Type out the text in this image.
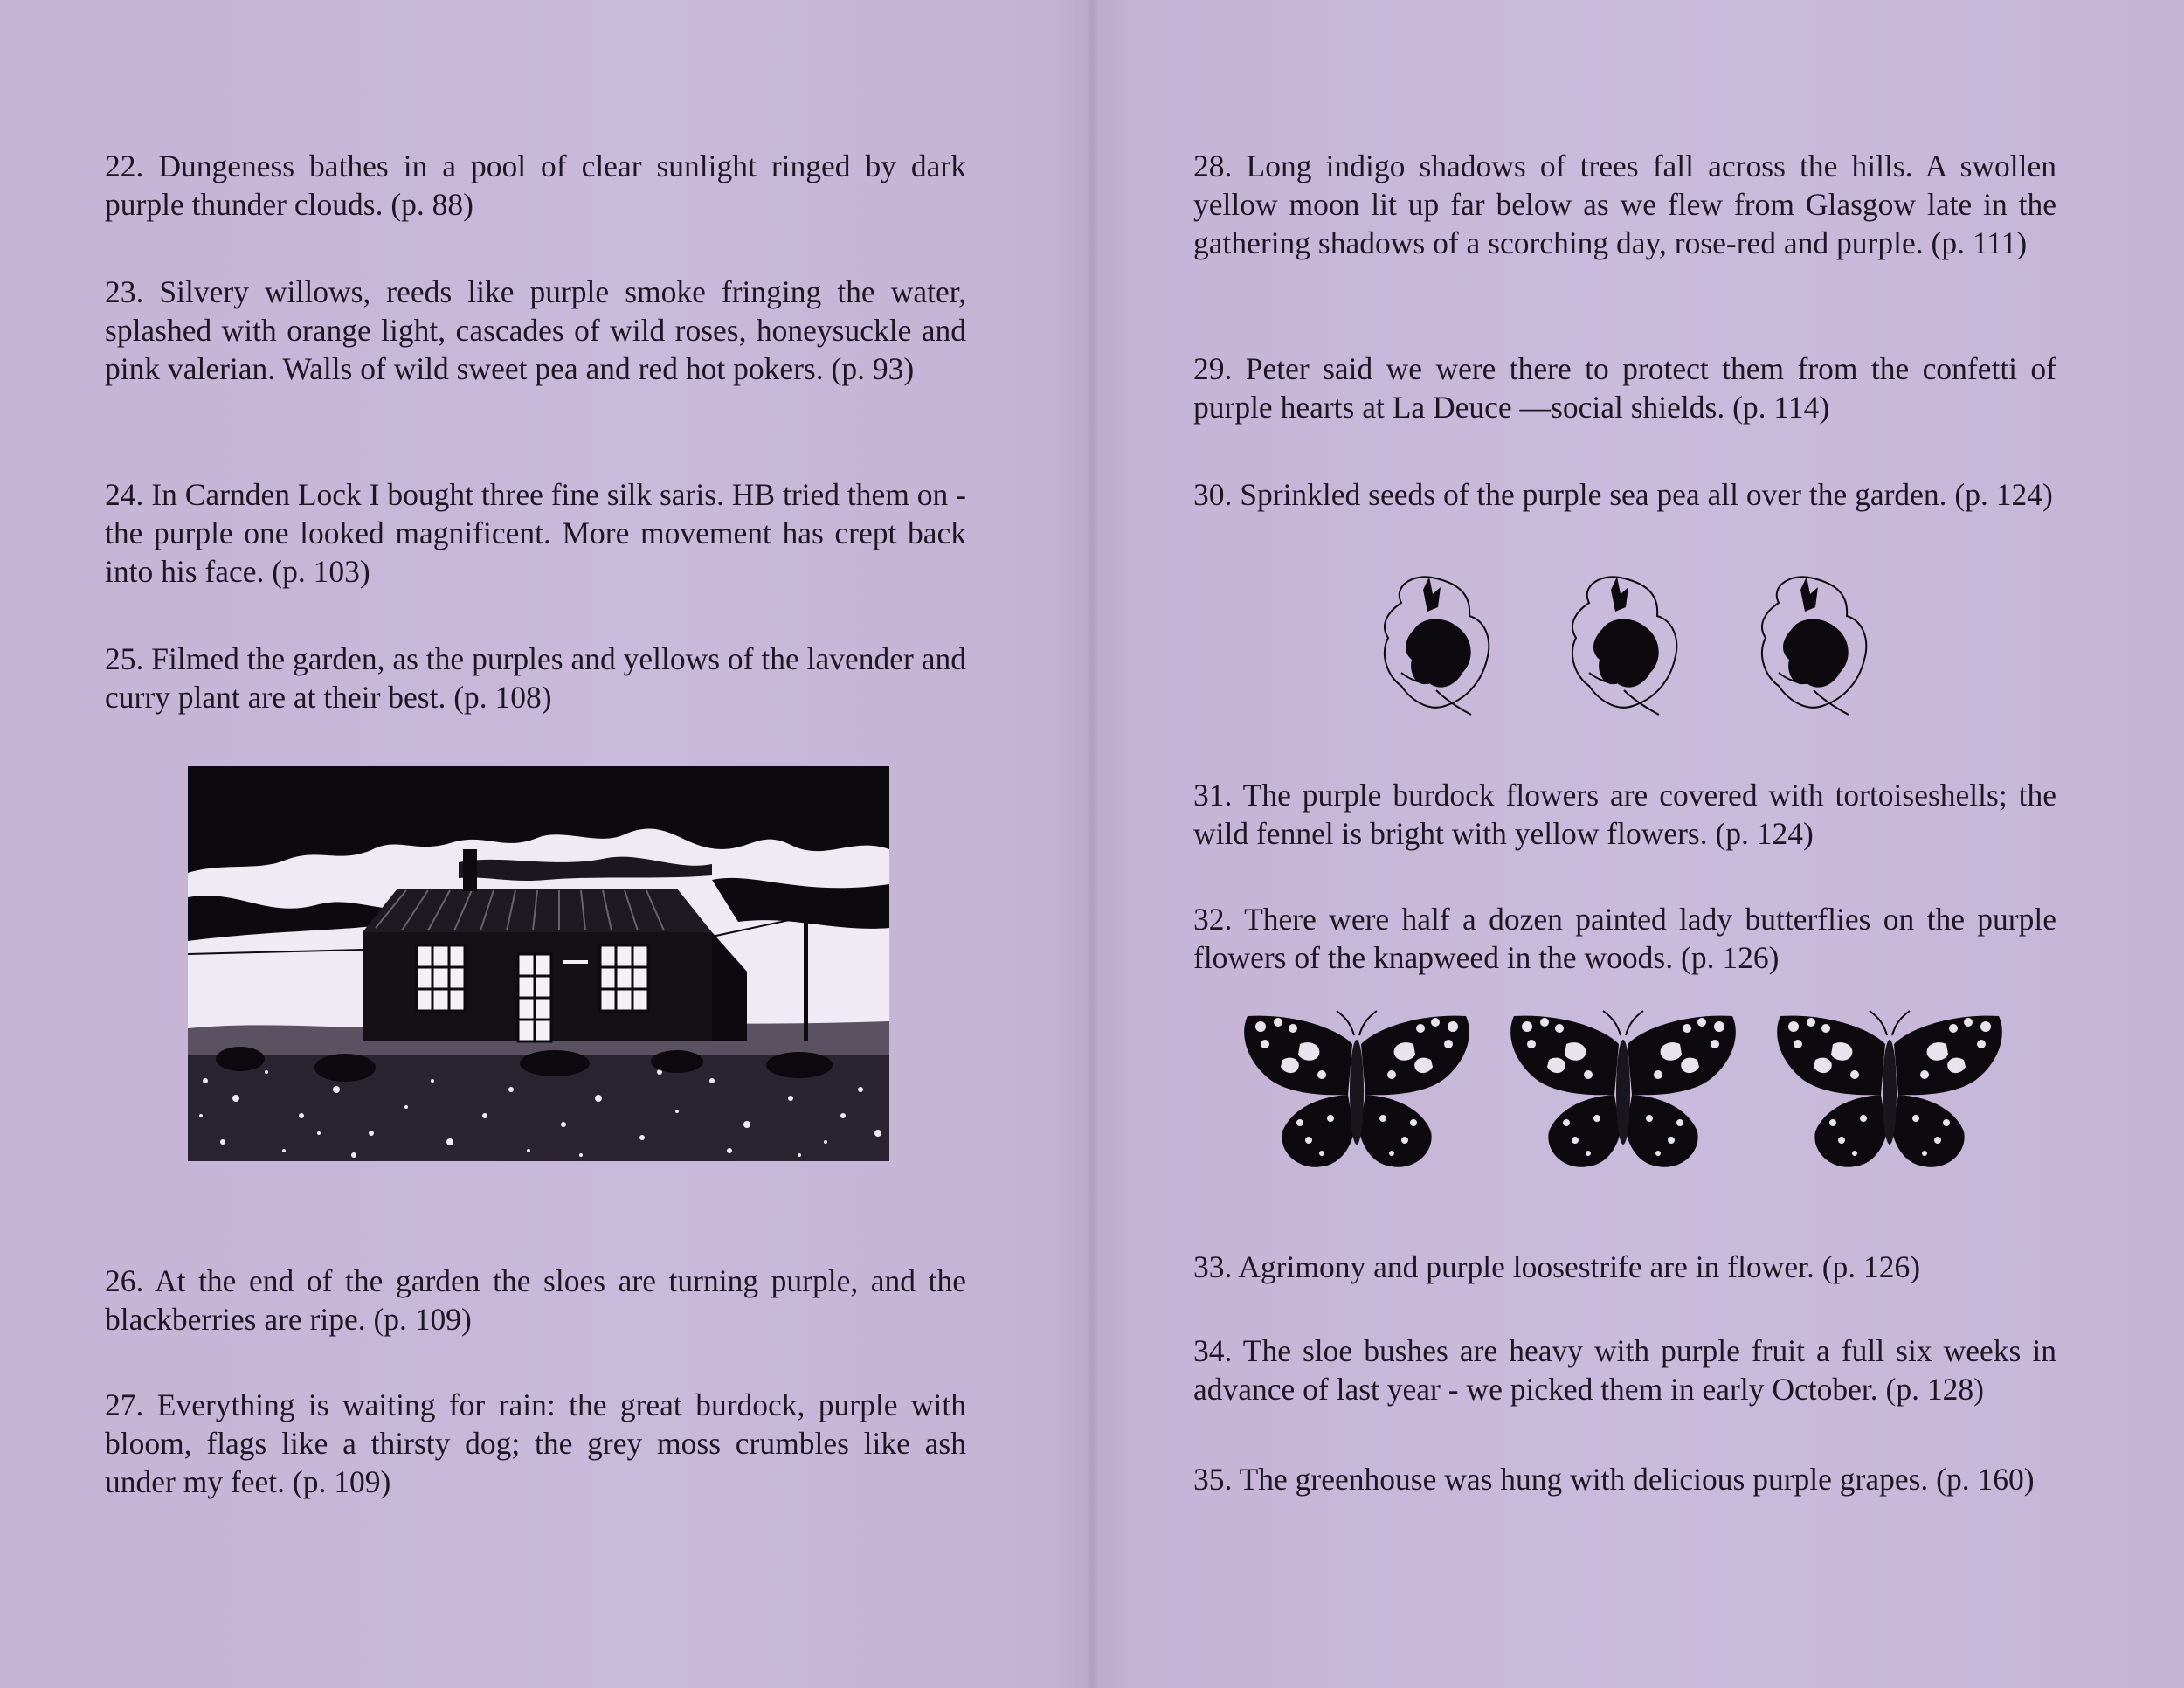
22. Dungeness bathes in a pool of clear sunlight ringed by dark purple thunder clouds. (p. 88)

23. Silvery willows, reeds like purple smoke fringing the water, splashed with orange light, cascades of wild roses, honeysuckle and pink valerian. Walls of wild sweet pea and red hot pokers. (p. 93)

24. In Carnden Lock I bought three fine silk saris. HB tried them on - the purple one looked magnificent. More movement has crept back into his face. (p. 103)

25. Filmed the garden, as the purples and yellows of the lavender and curry plant are at their best. (p. 108)

26. At the end of the garden the sloes are turning purple, and the blackberries are ripe. (p. 109)

27. Everything is waiting for rain: the great burdock, purple with bloom, flags like a thirsty dog; the grey moss crumbles like ash under my feet. (p. 109)

28. Long indigo shadows of trees fall across the hills. A swollen yellow moon lit up far below as we flew from Glasgow late in the gathering shadows of a scorching day, rose-red and purple. (p. 111)

29. Peter said we were there to protect them from the confetti of purple hearts at La Deuce —social shields. (p. 114)

30. Sprinkled seeds of the purple sea pea all over the garden. (p. 124)

31. The purple burdock flowers are covered with tortoiseshells; the wild fennel is bright with yellow flowers. (p. 124)

32. There were half a dozen painted lady butterflies on the purple flowers of the knapweed in the woods. (p. 126)

33. Agrimony and purple loosestrife are in flower. (p. 126)

34. The sloe bushes are heavy with purple fruit a full six weeks in advance of last year - we picked them in early October. (p. 128)

35. The greenhouse was hung with delicious purple grapes. (p. 160)
